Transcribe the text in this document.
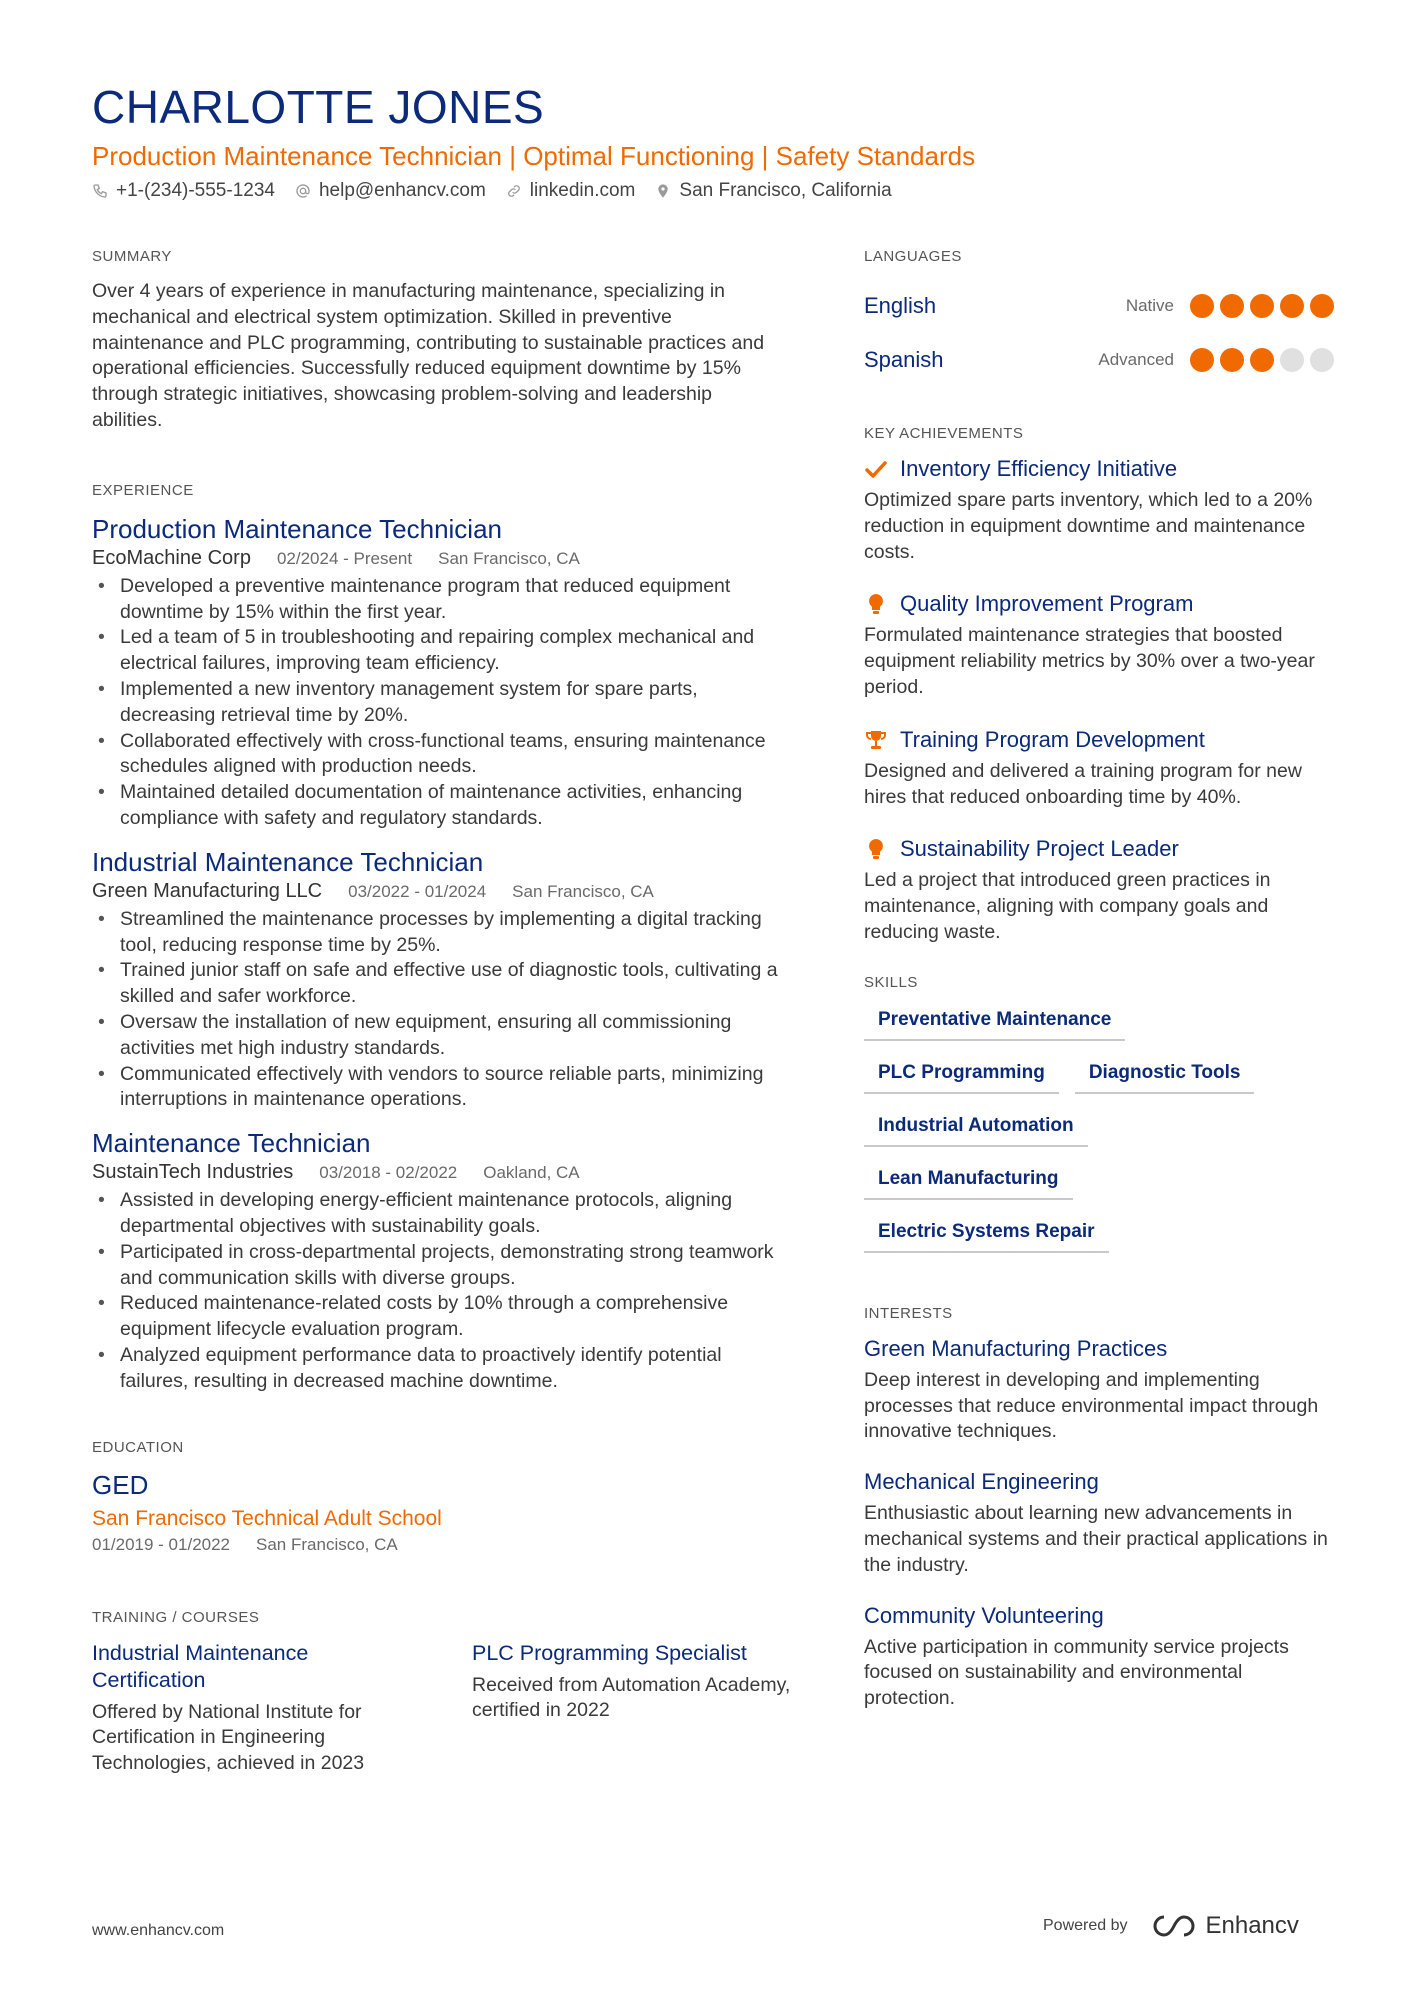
CHARLOTTE JONES
Production Maintenance Technician | Optimal Functioning | Safety Standards
+1-(234)-555-1234 help@enhancv.com linkedin.com San Francisco, California
SUMMARY
Over 4 years of experience in manufacturing maintenance, specializing in mechanical and electrical system optimization. Skilled in preventive maintenance and PLC programming, contributing to sustainable practices and operational efficiencies. Successfully reduced equipment downtime by 15% through strategic initiatives, showcasing problem-solving and leadership abilities.
EXPERIENCE
Production Maintenance Technician
EcoMachine Corp 02/2024 - Present San Francisco, CA
• Developed a preventive maintenance program that reduced equipment downtime by 15% within the first year.
• Led a team of 5 in troubleshooting and repairing complex mechanical and electrical failures, improving team efficiency.
• Implemented a new inventory management system for spare parts, decreasing retrieval time by 20%.
• Collaborated effectively with cross-functional teams, ensuring maintenance schedules aligned with production needs.
• Maintained detailed documentation of maintenance activities, enhancing compliance with safety and regulatory standards.
Industrial Maintenance Technician
Green Manufacturing LLC 03/2022 - 01/2024 San Francisco, CA
• Streamlined the maintenance processes by implementing a digital tracking tool, reducing response time by 25%.
• Trained junior staff on safe and effective use of diagnostic tools, cultivating a skilled and safer workforce.
• Oversaw the installation of new equipment, ensuring all commissioning activities met high industry standards.
• Communicated effectively with vendors to source reliable parts, minimizing interruptions in maintenance operations.
Maintenance Technician
SustainTech Industries 03/2018 - 02/2022 Oakland, CA
• Assisted in developing energy-efficient maintenance protocols, aligning departmental objectives with sustainability goals.
• Participated in cross-departmental projects, demonstrating strong teamwork and communication skills with diverse groups.
• Reduced maintenance-related costs by 10% through a comprehensive equipment lifecycle evaluation program.
• Analyzed equipment performance data to proactively identify potential failures, resulting in decreased machine downtime.
EDUCATION
GED
San Francisco Technical Adult School
01/2019 - 01/2022 San Francisco, CA
TRAINING / COURSES
Industrial Maintenance Certification
Offered by National Institute for Certification in Engineering Technologies, achieved in 2023
PLC Programming Specialist
Received from Automation Academy, certified in 2022
LANGUAGES
English	Native
Spanish	Advanced
KEY ACHIEVEMENTS
Inventory Efficiency Initiative
Optimized spare parts inventory, which led to a 20% reduction in equipment downtime and maintenance costs.
Quality Improvement Program
Formulated maintenance strategies that boosted equipment reliability metrics by 30% over a two-year period.
Training Program Development
Designed and delivered a training program for new hires that reduced onboarding time by 40%.
Sustainability Project Leader
Led a project that introduced green practices in maintenance, aligning with company goals and reducing waste.
SKILLS
Preventative Maintenance
PLC Programming	Diagnostic Tools
Industrial Automation
Lean Manufacturing
Electric Systems Repair
INTERESTS
Green Manufacturing Practices
Deep interest in developing and implementing processes that reduce environmental impact through innovative techniques.
Mechanical Engineering
Enthusiastic about learning new advancements in mechanical systems and their practical applications in the industry.
Community Volunteering
Active participation in community service projects focused on sustainability and environmental protection.
www.enhancv.com	Powered by	Enhancv
